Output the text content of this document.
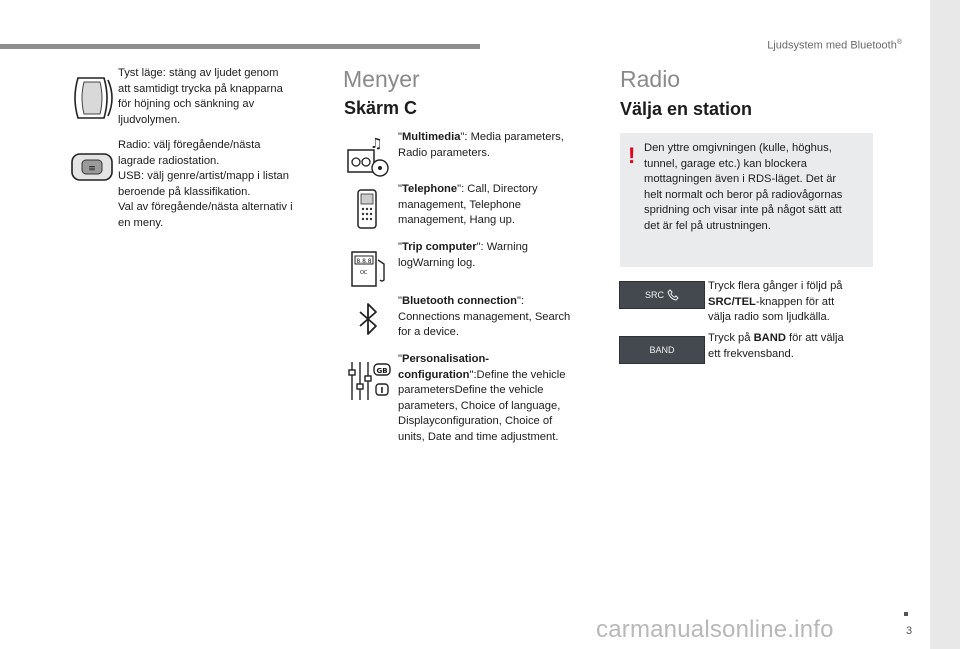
Ljudsystem med Bluetooth®
Tyst läge: stäng av ljudet genom
att samtidigt trycka på knapparna
för höjning och sänkning av
ljudvolymen.
≡
Radio: välj föregående/nästa
lagrade radiostation.
USB: välj genre/artist/mapp i listan
beroende på klassifikation.
Val av föregående/nästa alternativ i
en meny.
Menyer
Skärm C
♫ "Multimedia": Media parameters,
Radio parameters.
"Telephone": Call, Directory
management, Telephone
management, Hang up.
8.8.8
OC
"Trip computer": Warning
logWarning log.
"Bluetooth connection":
Connections management, Search
for a device.
GB
I
"Personalisation-
configuration":Define the vehicle
parametersDefine the vehicle
parameters, Choice of language,
Displayconfiguration, Choice of
units, Date and time adjustment.
Radio
Välja en station
! Den yttre omgivningen (kulle, höghus,
tunnel, garage etc.) kan blockera
mottagningen även i RDS-läget. Det är
helt normalt och beror på radiovågornas
spridning och visar inte på något sätt att
det är fel på utrustningen.
SRC
Tryck flera gånger i följd på
SRC/TEL-knappen för att
välja radio som ljudkälla.
BAND
Tryck på BAND för att välja
ett frekvensband.
3
carmanualsonline.info
